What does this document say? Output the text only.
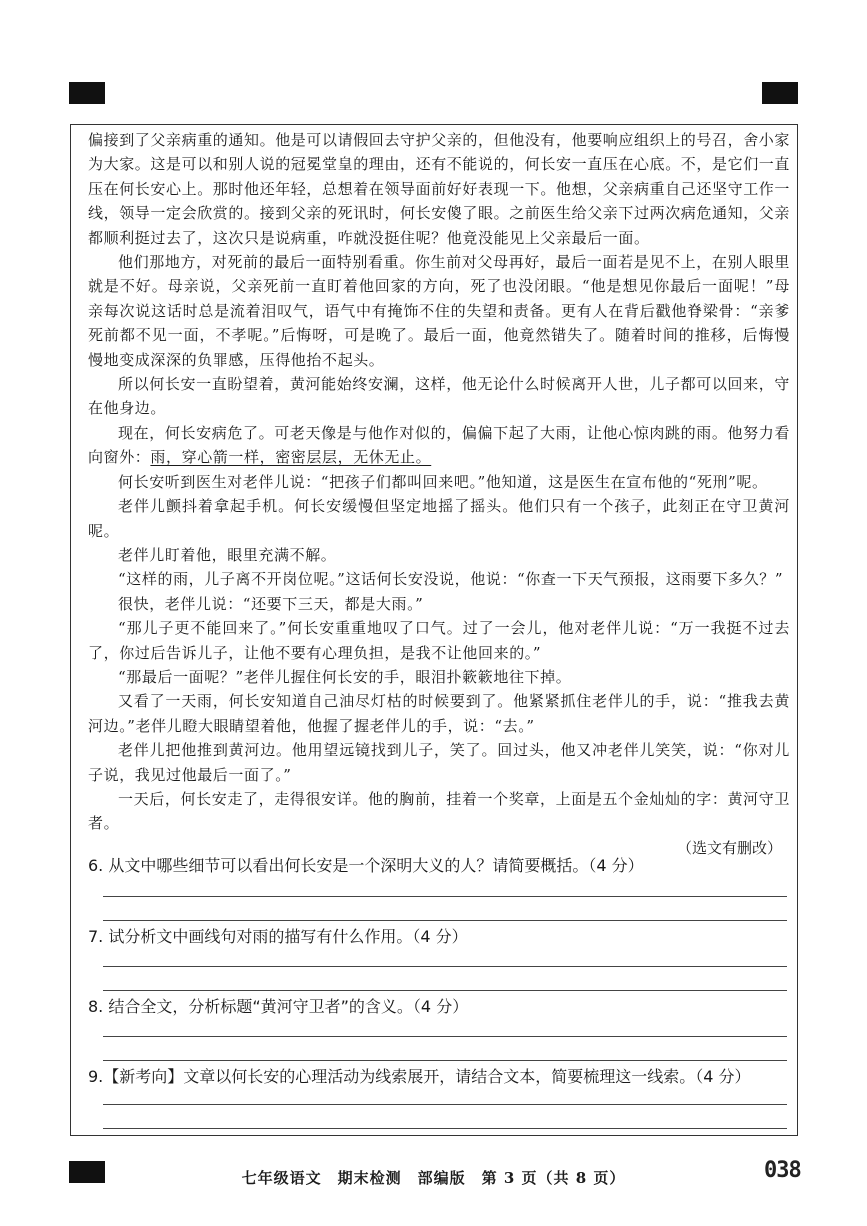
偏接到了父亲病重的通知。他是可以请假回去守护父亲的，但他没有，他要响应组织上的号召，舍小家为大家。这是可以和别人说的冠冕堂皇的理由，还有不能说的，何长安一直压在心底。不，是它们一直压在何长安心上。那时他还年轻，总想着在领导面前好好表现一下。他想，父亲病重自己还坚守工作一线，领导一定会欣赏的。接到父亲的死讯时，何长安傻了眼。之前医生给父亲下过两次病危通知，父亲都顺利挺过去了，这次只是说病重，咋就没挺住呢？他竟没能见上父亲最后一面。

他们那地方，对死前的最后一面特别看重。你生前对父母再好，最后一面若是见不上，在别人眼里就是不好。母亲说，父亲死前一直盯着他回家的方向，死了也没闭眼。“他是想见你最后一面呢！”母亲每次说这话时总是流着泪叹气，语气中有掩饰不住的失望和责备。更有人在背后戳他脊梁骨：“亲爹死前都不见一面，不孝呢。”后悔呀，可是晚了。最后一面，他竟然错失了。随着时间的推移，后悔慢慢地变成深深的负罪感，压得他抬不起头。

所以何长安一直盼望着，黄河能始终安澜，这样，他无论什么时候离开人世，儿子都可以回来，守在他身边。

现在，何长安病危了。可老天像是与他作对似的，偏偏下起了大雨，让他心惊肉跳的雨。他努力看向窗外：雨，穿心箭一样，密密层层，无休无止。

何长安听到医生对老伴儿说：“把孩子们都叫回来吧。”他知道，这是医生在宣布他的“死刑”呢。

老伴儿颤抖着拿起手机。何长安缓慢但坚定地摇了摇头。他们只有一个孩子，此刻正在守卫黄河呢。

老伴儿盯着他，眼里充满不解。

“这样的雨，儿子离不开岗位呢。”这话何长安没说，他说：“你查一下天气预报，这雨要下多久？”

很快，老伴儿说：“还要下三天，都是大雨。”

“那儿子更不能回来了。”何长安重重地叹了口气。过了一会儿，他对老伴儿说：“万一我挺不过去了，你过后告诉儿子，让他不要有心理负担，是我不让他回来的。”

“那最后一面呢？”老伴儿握住何长安的手，眼泪扑簌簌地往下掉。

又看了一天雨，何长安知道自己油尽灯枯的时候要到了。他紧紧抓住老伴儿的手，说：“推我去黄河边。”老伴儿瞪大眼睛望着他，他握了握老伴儿的手，说：“去。”

老伴儿把他推到黄河边。他用望远镜找到儿子，笑了。回过头，他又冲老伴儿笑笑，说：“你对儿子说，我见过他最后一面了。”

一天后，何长安走了，走得很安详。他的胸前，挂着一个奖章，上面是五个金灿灿的字：黄河守卫者。

（选文有删改）

6. 从文中哪些细节可以看出何长安是一个深明大义的人？请简要概括。（4 分）
7. 试分析文中画线句对雨的描写有什么作用。（4 分）
8. 结合全文，分析标题“黄河守卫者”的含义。（4 分）
9.【新考向】文章以何长安的心理活动为线索展开，请结合文本，简要梳理这一线索。（4 分）
七年级语文　期末检测　部编版　第 3 页（共 8 页）	038
